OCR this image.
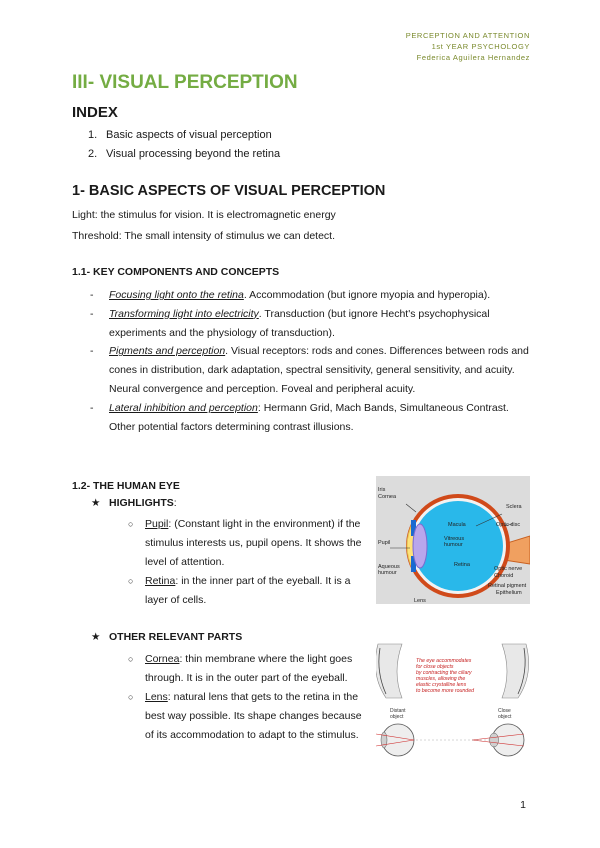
PERCEPTION AND ATTENTION
1st YEAR PSYCHOLOGY
Federica Aguilera Hernandez
III- VISUAL PERCEPTION
INDEX
1. Basic aspects of visual perception
2. Visual processing beyond the retina
1- BASIC ASPECTS OF VISUAL PERCEPTION

Light: the stimulus for vision. It is electromagnetic energy

Threshold: The small intensity of stimulus we can detect.

1.1- KEY COMPONENTS AND CONCEPTS
- Focusing light onto the retina. Accommodation (but ignore myopia and hyperopia).
- Transforming light into electricity. Transduction (but ignore Hecht's psychophysical experiments and the physiology of transduction).
- Pigments and perception. Visual receptors: rods and cones. Differences between rods and cones in distribution, dark adaptation, spectral sensitivity, general sensitivity, and acuity. Neural convergence and perception. Foveal and peripheral acuity.
- Lateral inhibition and perception: Hermann Grid, Mach Bands, Simultaneous Contrast. Other potential factors determining contrast illusions.
1.2- THE HUMAN EYE
★ HIGHLIGHTS:
○ Pupil: (Constant light in the environment) if the stimulus interests us, pupil opens. It shows the level of attention.
○ Retina: in the inner part of the eyeball. It is a layer of cells.
★ OTHER RELEVANT PARTS
○ Cornea: thin membrane where the light goes through. It is in the outer part of the eyeball.
○ Lens: natural lens that gets to the retina in the best way possible. Its shape changes because of its accommodation to adapt to the stimulus.
Iris
Cornea
Pupil
Aqueous
humour
Lens
Macula
Vitreous
humour
Retina
Sclera
Optic disc
Optic nerve
Choroid
Retinal pigment
Epithelium
The eye accommodates
for close objects
by contracting the ciliary
muscles, allowing the
elastic crystalline lens
to become more rounded
Distant
object
Close
object
1
